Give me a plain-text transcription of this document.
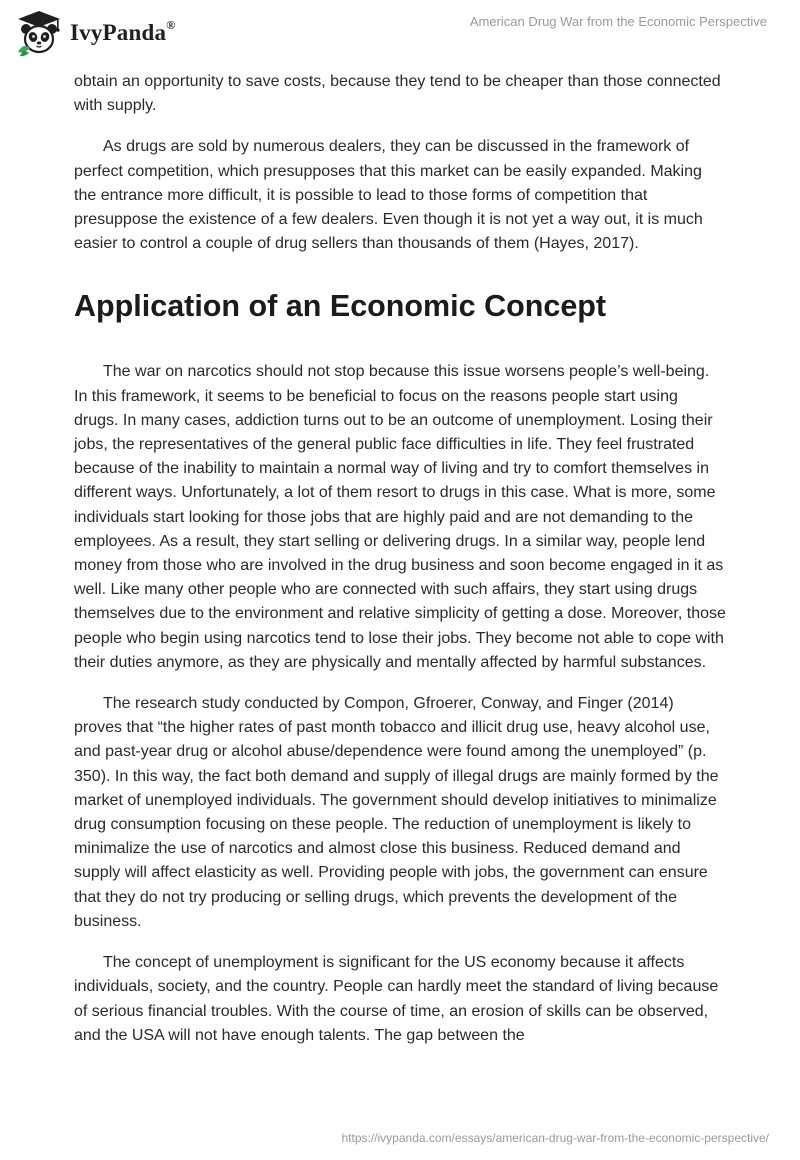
IvyPanda®	American Drug War from the Economic Perspective

obtain an opportunity to save costs, because they tend to be cheaper than those connected with supply.

As drugs are sold by numerous dealers, they can be discussed in the framework of perfect competition, which presupposes that this market can be easily expanded. Making the entrance more difficult, it is possible to lead to those forms of competition that presuppose the existence of a few dealers. Even though it is not yet a way out, it is much easier to control a couple of drug sellers than thousands of them (Hayes, 2017).

Application of an Economic Concept

The war on narcotics should not stop because this issue worsens people’s well-being. In this framework, it seems to be beneficial to focus on the reasons people start using drugs. In many cases, addiction turns out to be an outcome of unemployment. Losing their jobs, the representatives of the general public face difficulties in life. They feel frustrated because of the inability to maintain a normal way of living and try to comfort themselves in different ways. Unfortunately, a lot of them resort to drugs in this case. What is more, some individuals start looking for those jobs that are highly paid and are not demanding to the employees. As a result, they start selling or delivering drugs. In a similar way, people lend money from those who are involved in the drug business and soon become engaged in it as well. Like many other people who are connected with such affairs, they start using drugs themselves due to the environment and relative simplicity of getting a dose. Moreover, those people who begin using narcotics tend to lose their jobs. They become not able to cope with their duties anymore, as they are physically and mentally affected by harmful substances.

The research study conducted by Compon, Gfroerer, Conway, and Finger (2014) proves that “the higher rates of past month tobacco and illicit drug use, heavy alcohol use, and past-year drug or alcohol abuse/dependence were found among the unemployed” (p. 350). In this way, the fact both demand and supply of illegal drugs are mainly formed by the market of unemployed individuals. The government should develop initiatives to minimalize drug consumption focusing on these people. The reduction of unemployment is likely to minimalize the use of narcotics and almost close this business. Reduced demand and supply will affect elasticity as well. Providing people with jobs, the government can ensure that they do not try producing or selling drugs, which prevents the development of the business.

The concept of unemployment is significant for the US economy because it affects individuals, society, and the country. People can hardly meet the standard of living because of serious financial troubles. With the course of time, an erosion of skills can be observed, and the USA will not have enough talents. The gap between the

https://ivypanda.com/essays/american-drug-war-from-the-economic-perspective/
